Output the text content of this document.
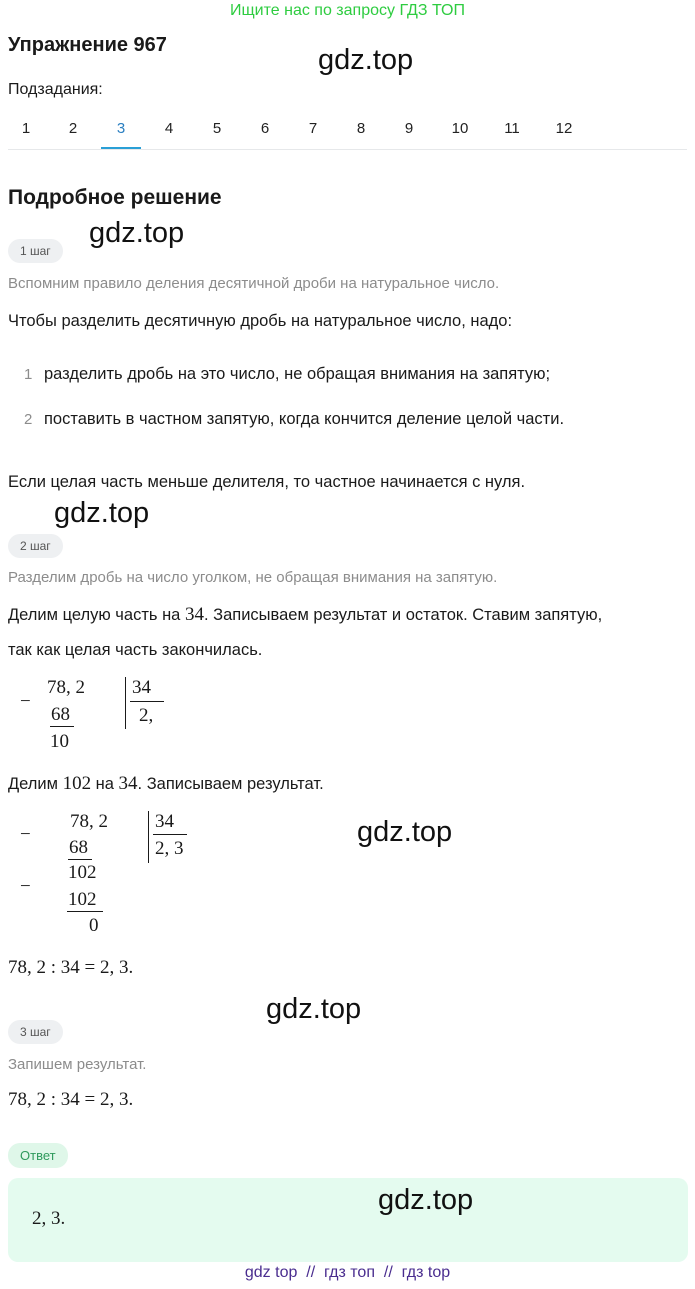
Ищите нас по запросу ГДЗ ТОП
Упражнение 967	gdz.top
Подзадания:
1	2	3	4	5	6	7	8	9	10	11	12
Подробное решение
1 шаг
gdz.top
Вспомним правило деления десятичной дроби на натуральное число.
Чтобы разделить десятичную дробь на натуральное число, надо:
1 разделить дробь на это число, не обращая внимания на запятую;
2 поставить в частном запятую, когда кончится деление целой части.
Если целая часть меньше делителя, то частное начинается с нуля.
gdz.top
2 шаг
Разделим дробь на число уголком, не обращая внимания на запятую.
Делим целую часть на 34. Записываем результат и остаток. Ставим запятую,
так как целая часть закончилась.
−
78, 2
68
10
34
2,
Делим 102 на 34. Записываем результат.
−
78, 2
68
−
102
102
0
34
2, 3
gdz.top
78, 2 : 34 = 2, 3.
gdz.top
3 шаг
Запишем результат.
78, 2 : 34 = 2, 3.
Ответ
2, 3.
gdz.top
gdz top  //  гдз топ  //  гдз top
